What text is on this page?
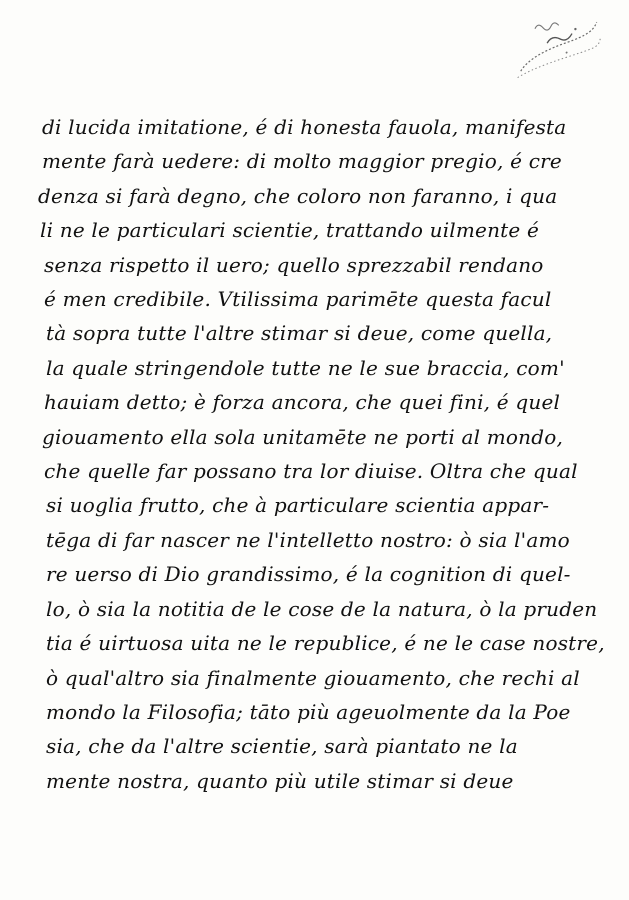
di lucida imitatione, é di honesta fauola, manifesta
mente farà uedere: di molto maggior pregio, é cre
denza si farà degno, che coloro non faranno, i qua
li ne le particulari scientie, trattando uilmente é
senza rispetto il uero; quello sprezzabil rendano
é men credibile. Vtilissima parimēte questa facul
tà sopra tutte l'altre stimar si deue, come quella,
la quale stringendole tutte ne le sue braccia, com'
hauiam detto; è forza ancora, che quei fini, é quel
giouamento ella sola unitamēte ne porti al mondo,
che quelle far possano tra lor diuise. Oltra che qual
si uoglia frutto, che à particulare scientia appar-
tēga di far nascer ne l'intelletto nostro: ò sia l'amo
re uerso di Dio grandissimo, é la cognition di quel-
lo, ò sia la notitia de le cose de la natura, ò la pruden
tia é uirtuosa uita ne le republice, é ne le case nostre,
ò qual'altro sia finalmente giouamento, che rechi al
mondo la Filosofia; tāto più ageuolmente da la Poe
sia, che da l'altre scientie, sarà piantato ne la
mente nostra, quanto più utile stimar si deue
